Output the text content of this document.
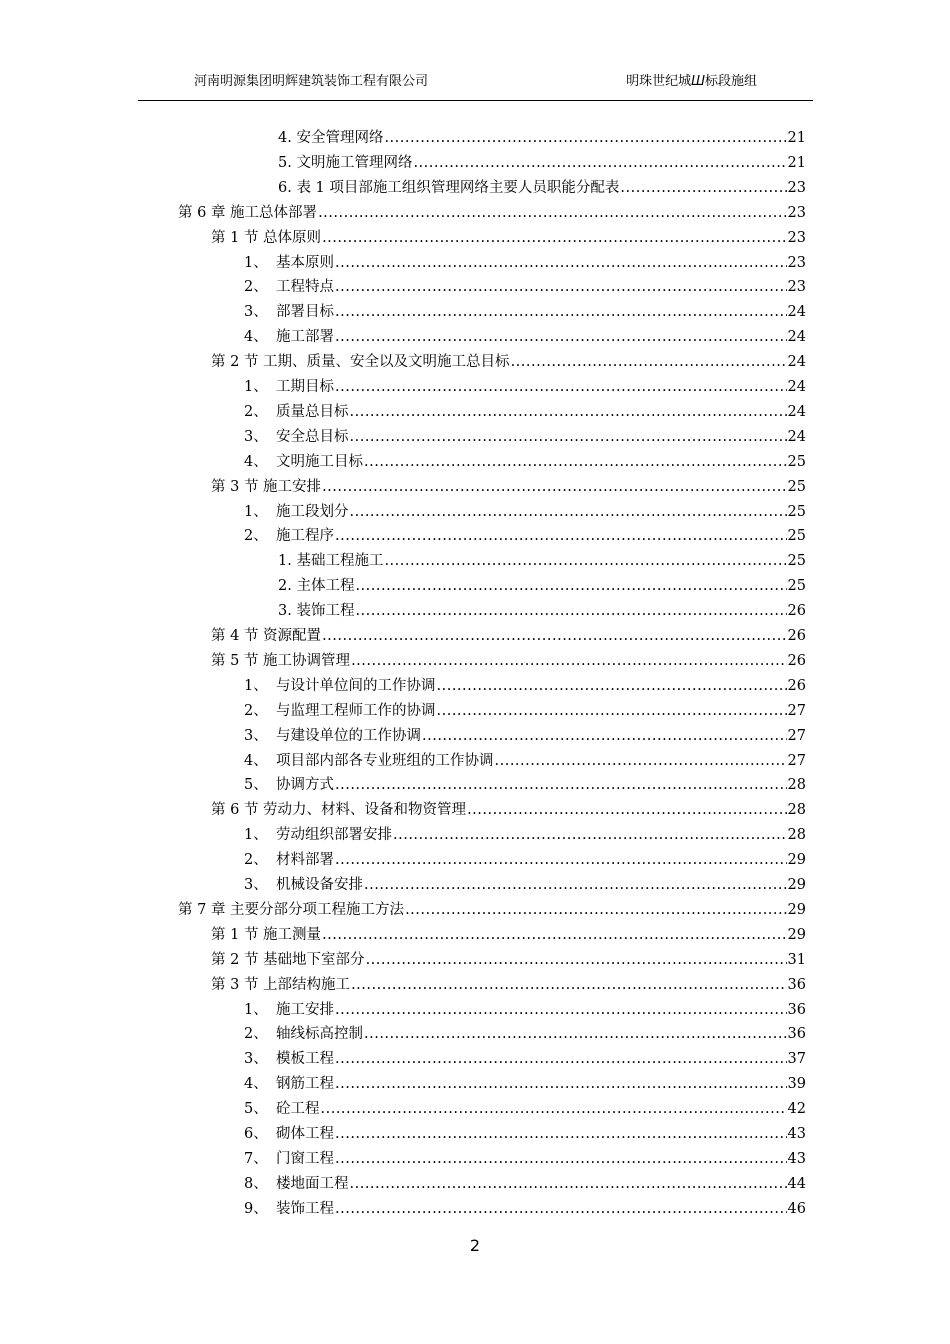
河南明源集团明辉建筑装饰工程有限公司	明珠世纪城Ш标段施组
4. 安全管理网络 .....	21
5. 文明施工管理网络 .....	21
6. 表 1 项目部施工组织管理网络主要人员职能分配表 .....	23
第 6 章 施工总体部署 .....	23
第 1 节 总体原则 .....	23
1、 基本原则 .....	23
2、 工程特点 .....	23
3、 部署目标 .....	24
4、 施工部署 .....	24
第 2 节 工期、质量、安全以及文明施工总目标 .....	24
1、 工期目标 .....	24
2、 质量总目标 .....	24
3、 安全总目标 .....	24
4、 文明施工目标 .....	25
第 3 节 施工安排 .....	25
1、 施工段划分 .....	25
2、 施工程序 .....	25
1. 基础工程施工 .....	25
2. 主体工程 .....	25
3. 装饰工程 .....	26
第 4 节 资源配置 .....	26
第 5 节 施工协调管理 .....	26
1、 与设计单位间的工作协调 .....	26
2、 与监理工程师工作的协调 .....	27
3、 与建设单位的工作协调 .....	27
4、 项目部内部各专业班组的工作协调 .....	27
5、 协调方式 .....	28
第 6 节 劳动力、材料、设备和物资管理 .....	28
1、 劳动组织部署安排 .....	28
2、 材料部署 .....	29
3、 机械设备安排 .....	29
第 7 章 主要分部分项工程施工方法 .....	29
第 1 节 施工测量 .....	29
第 2 节 基础地下室部分 .....	31
第 3 节 上部结构施工 .....	36
1、 施工安排 .....	36
2、 轴线标高控制 .....	36
3、 模板工程 .....	37
4、 钢筋工程 .....	39
5、 砼工程 .....	42
6、 砌体工程 .....	43
7、 门窗工程 .....	43
8、 楼地面工程 .....	44
9、 装饰工程 .....	46
2
